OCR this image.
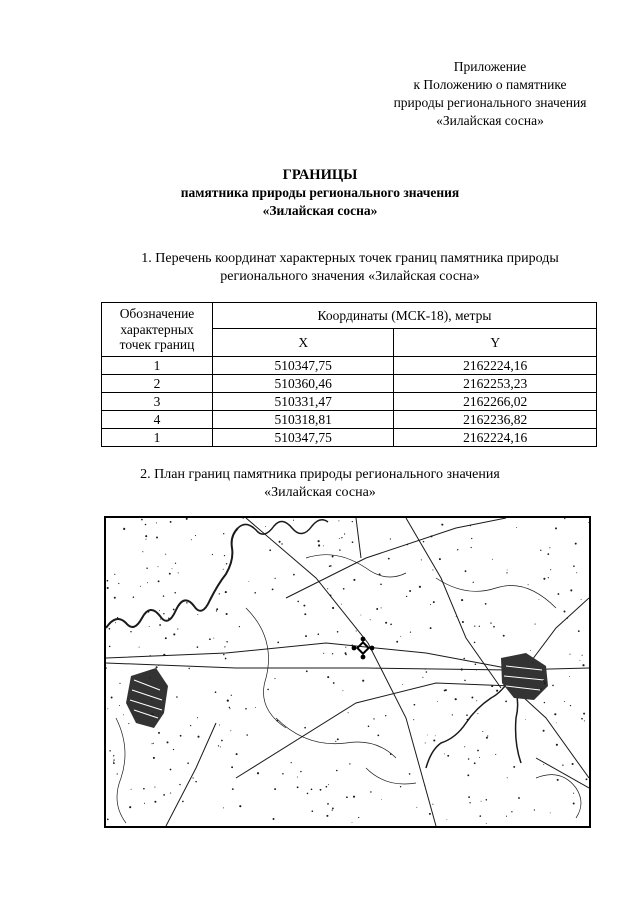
Приложение
к Положению о памятнике
природы регионального значения
«Зилайская сосна»
ГРАНИЦЫ
памятника природы регионального значения
«Зилайская сосна»
1. Перечень координат характерных точек границ памятника природы
регионального значения «Зилайская сосна»
Обозначение
характерных
точек границ	Координаты (МСК-18), метры	
	X	Y
1	510347,75	2162224,16
2	510360,46	2162253,23
3	510331,47	2162266,02
4	510318,81	2162236,82
1	510347,75	2162224,16
2. План границ памятника природы регионального значения
«Зилайская сосна»
